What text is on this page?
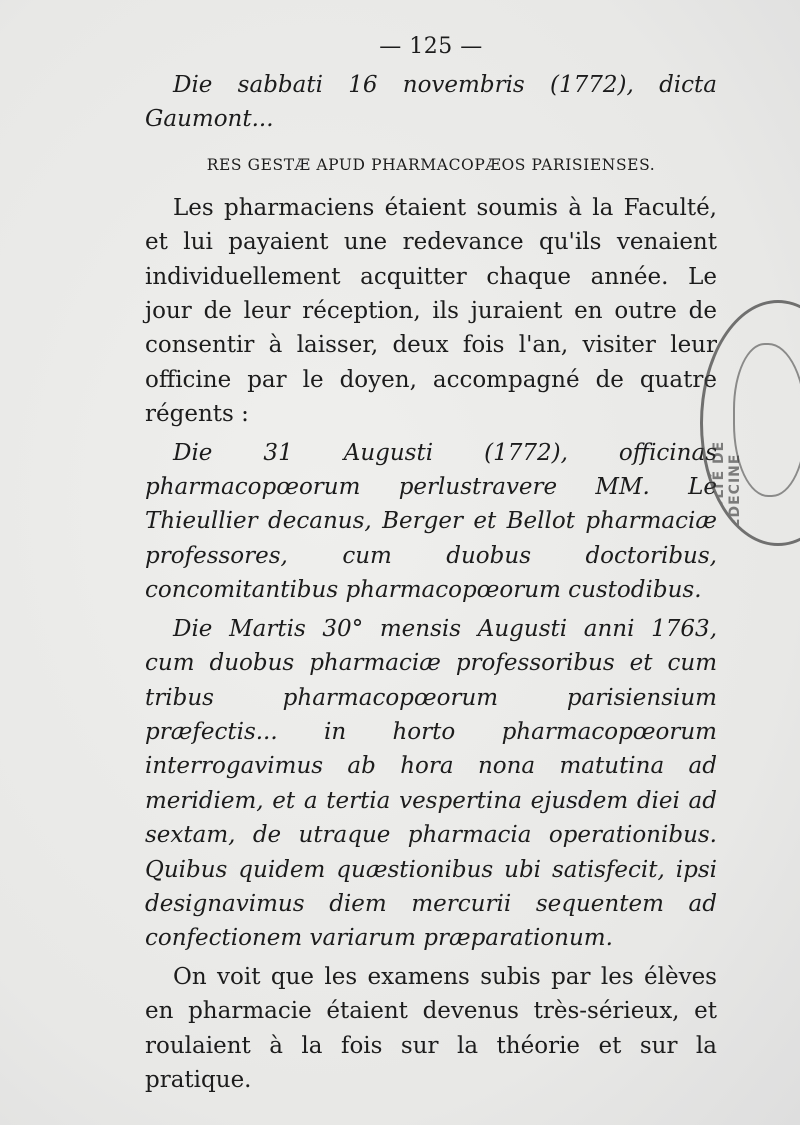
— 125 —

Die sabbati 16 novembris (1772), dicta Gaumont...

RES GESTÆ APUD PHARMACOPÆOS PARISIENSES.

Les pharmaciens étaient soumis à la Faculté, et lui payaient une redevance qu'ils venaient individuellement acquitter chaque année. Le jour de leur réception, ils juraient en outre de consentir à laisser, deux fois l'an, visiter leur officine par le doyen, accompagné de quatre régents :

Die 31 Augusti (1772), officinas pharmacopœorum perlustravere MM. Le Thieullier decanus, Berger et Bellot pharmaciæ professores, cum duobus doctoribus, concomitantibus pharmacopœorum custodibus.

Die Martis 30° mensis Augusti anni 1763, cum duobus pharmaciæ professoribus et cum tribus pharmacopœorum parisiensium præfectis... in horto pharmacopœorum interrogavimus ab hora nona matutina ad meridiem, et a tertia vespertina ejusdem diei ad sextam, de utraque pharmacia operationibus. Quibus quidem quæstionibus ubi satisfecit, ipsi designavimus diem mercurii sequentem ad confectionem variarum præparationum.

On voit que les examens subis par les élèves en pharmacie étaient devenus très-sérieux, et roulaient à la fois sur la théorie et sur la pratique.

FACULTÉ DE MÉDECINE
